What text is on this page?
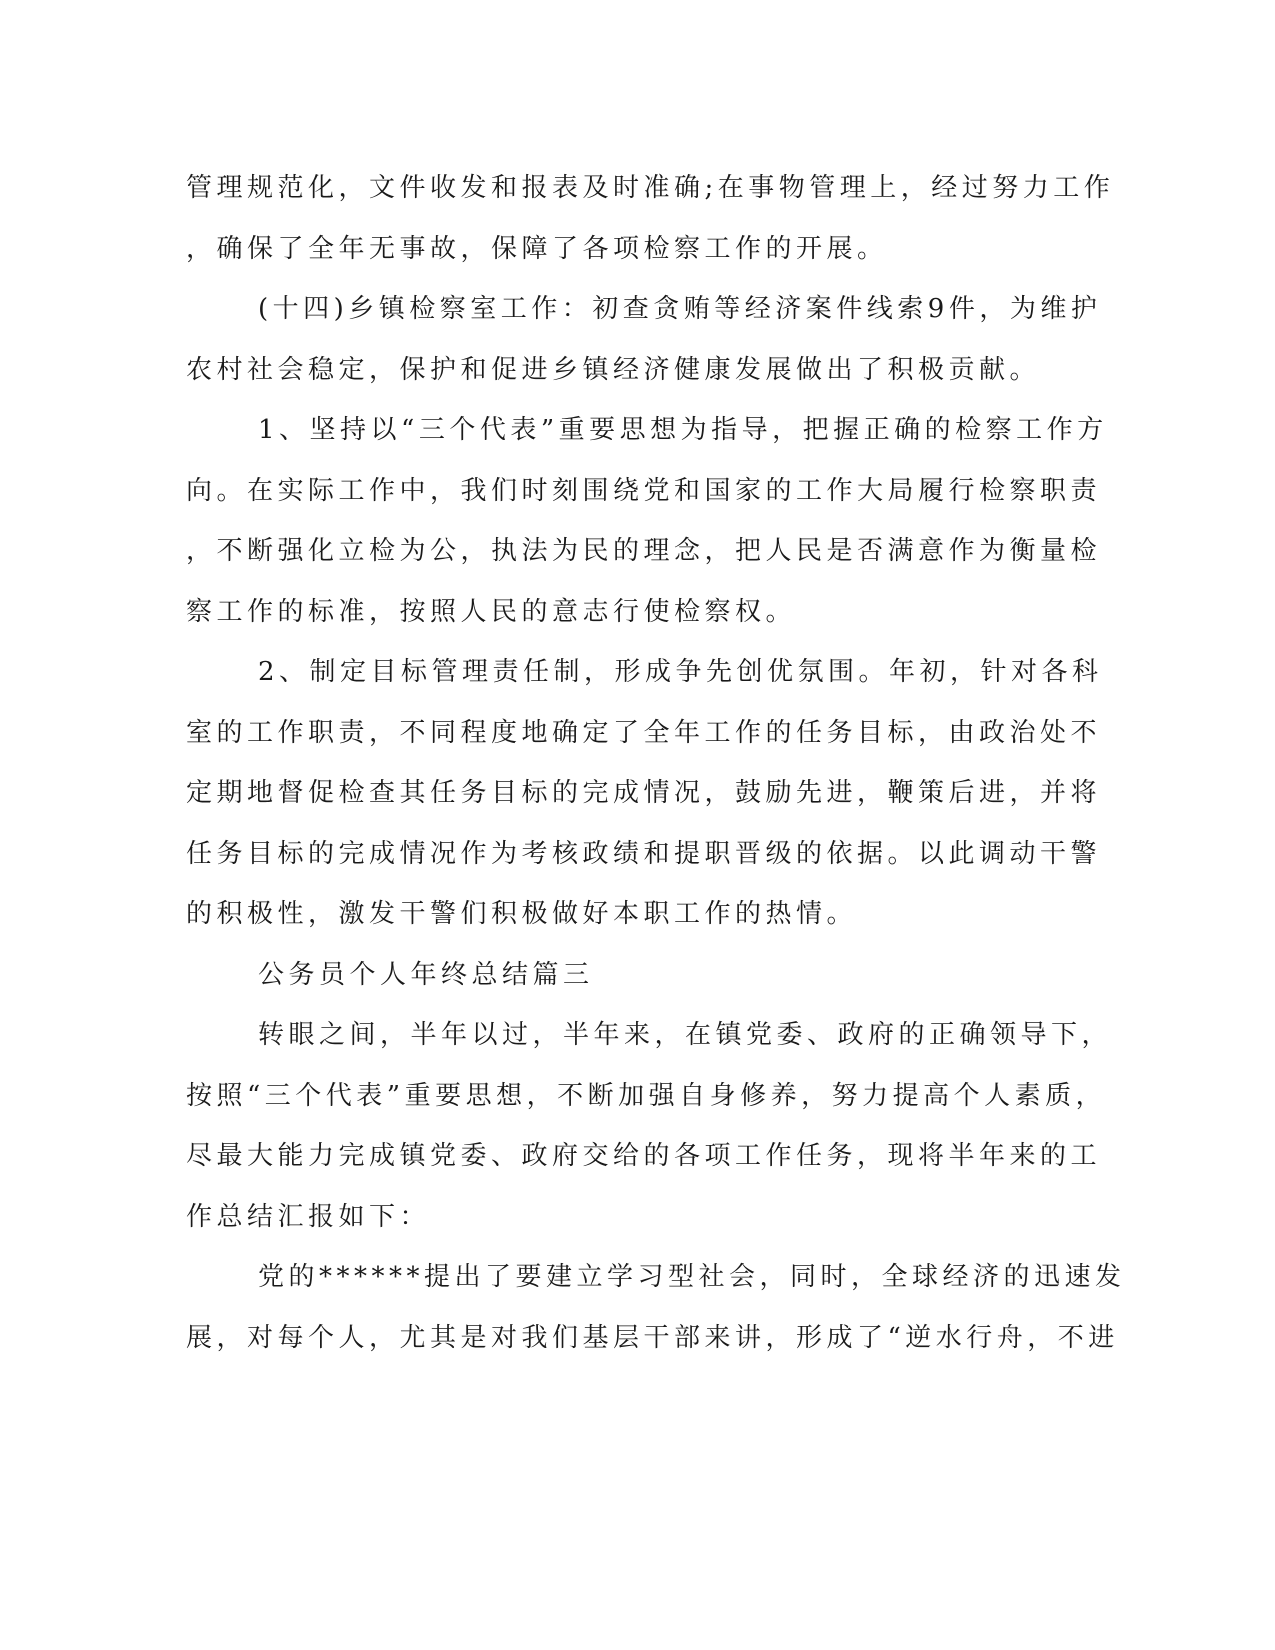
管理规范化，文件收发和报表及时准确;在事物管理上，经过努力工作
，确保了全年无事故，保障了各项检察工作的开展。
(十四)乡镇检察室工作：初查贪贿等经济案件线索9件，为维护
农村社会稳定，保护和促进乡镇经济健康发展做出了积极贡献。
1、坚持以“三个代表”重要思想为指导，把握正确的检察工作方
向。在实际工作中，我们时刻围绕党和国家的工作大局履行检察职责
，不断强化立检为公，执法为民的理念，把人民是否满意作为衡量检
察工作的标准，按照人民的意志行使检察权。
2、制定目标管理责任制，形成争先创优氛围。年初，针对各科
室的工作职责，不同程度地确定了全年工作的任务目标，由政治处不
定期地督促检查其任务目标的完成情况，鼓励先进，鞭策后进，并将
任务目标的完成情况作为考核政绩和提职晋级的依据。以此调动干警
的积极性，激发干警们积极做好本职工作的热情。
公务员个人年终总结篇三
转眼之间，半年以过，半年来，在镇党委、政府的正确领导下，
按照“三个代表”重要思想，不断加强自身修养，努力提高个人素质，
尽最大能力完成镇党委、政府交给的各项工作任务，现将半年来的工
作总结汇报如下：
党的******提出了要建立学习型社会，同时，全球经济的迅速发
展，对每个人，尤其是对我们基层干部来讲，形成了“逆水行舟，不进
